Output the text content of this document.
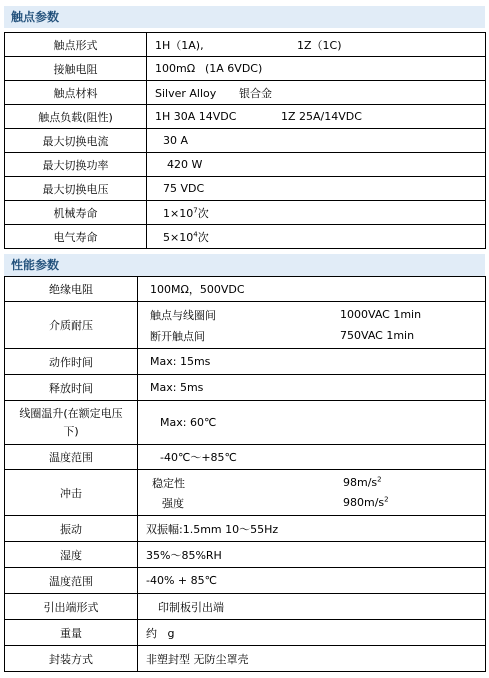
触点参数
触点形式	1H（1A), 1Z（1C)
接触电阻	100mΩ (1A 6VDC)
触点材料	Silver Alloy 银合金
触点负载(阻性)	1H 30A 14VDC 1Z 25A/14VDC
最大切换电流	30 A
最大切换功率	420 W
最大切换电压	75 VDC
机械寿命	$1\times 10^7$次
电气寿命	$5\times 10^4$次
性能参数
绝缘电阻	100MΩ，500VDC
介质耐压	触点与线圈间 1000VAC 1min
断开触点间 750VAC 1min

动作时间	Max: 15ms
释放时间	Max: 5ms

线圈温升(在额定电压
下)	Max: 60℃
温度范围	-40℃～+85℃
冲击	稳定性 $98m/s^2$
强度 $980m/s^2$

振动	双振幅:1.5mm 10～55Hz
湿度	35%～85%RH
温度范围	-40% + 85℃
引出端形式	印制板引出端
重量	约   g
封装方式	非塑封型 无防尘罩壳
